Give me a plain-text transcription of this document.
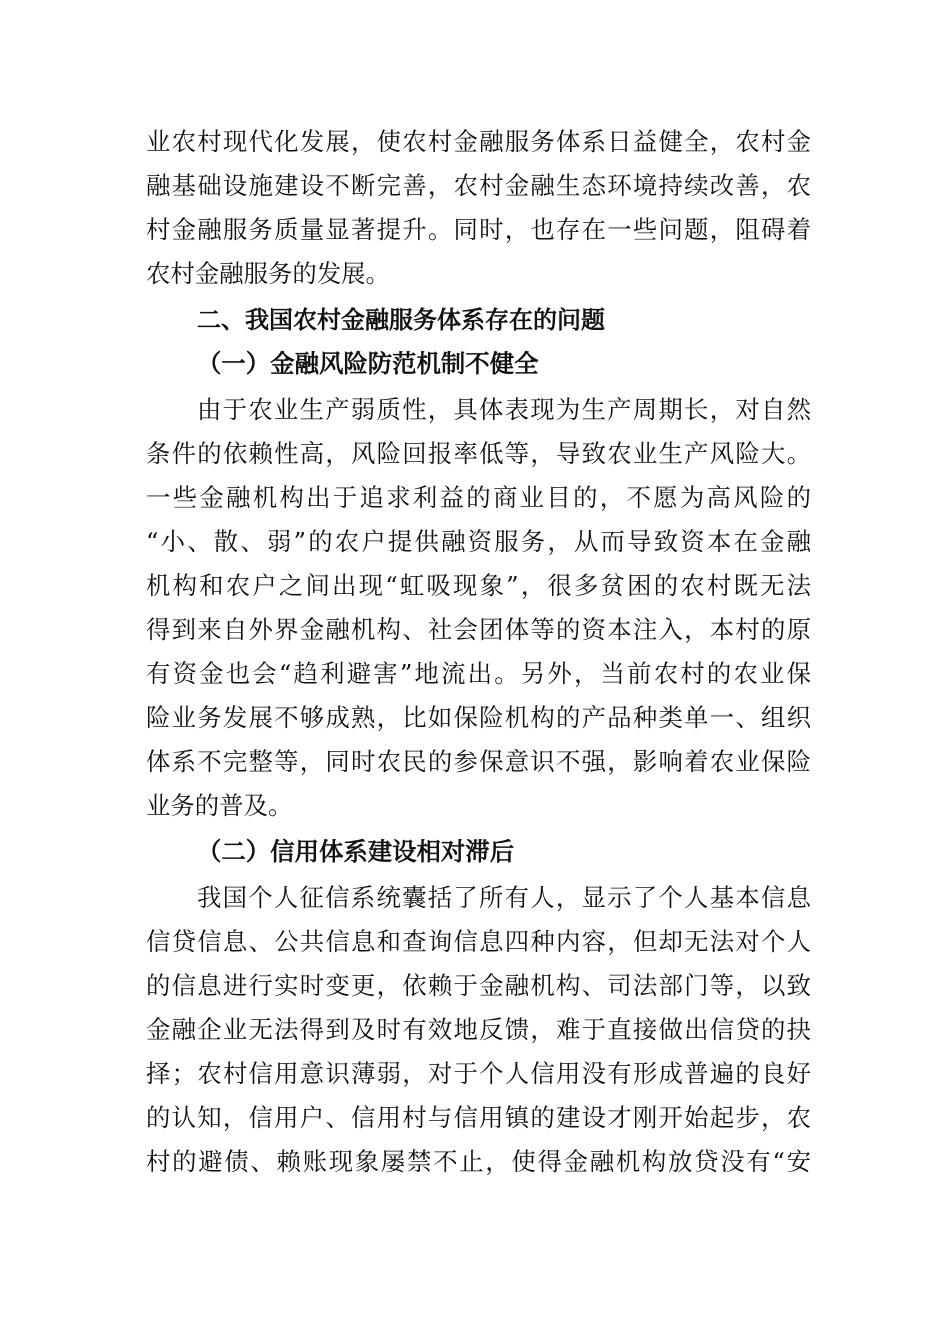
业农村现代化发展，使农村金融服务体系日益健全，农村金

融基础设施建设不断完善，农村金融生态环境持续改善，农

村金融服务质量显著提升。同时，也存在一些问题，阻碍着

农村金融服务的发展。

二、我国农村金融服务体系存在的问题
（一）金融风险防范机制不健全

由于农业生产弱质性，具体表现为生产周期长，对自然

条件的依赖性高，风险回报率低等，导致农业生产风险大。

一些金融机构出于追求利益的商业目的，不愿为高风险的

“小、散、弱”的农户提供融资服务，从而导致资本在金融

机构和农户之间出现“虹吸现象”，很多贫困的农村既无法

得到来自外界金融机构、社会团体等的资本注入，本村的原

有资金也会“趋利避害”地流出。另外，当前农村的农业保

险业务发展不够成熟，比如保险机构的产品种类单一、组织

体系不完整等，同时农民的参保意识不强，影响着农业保险

业务的普及。

（二）信用体系建设相对滞后

我国个人征信系统囊括了所有人，显示了个人基本信息

信贷信息、公共信息和查询信息四种内容，但却无法对个人

的信息进行实时变更，依赖于金融机构、司法部门等，以致

金融企业无法得到及时有效地反馈，难于直接做出信贷的抉

择；农村信用意识薄弱，对于个人信用没有形成普遍的良好

的认知，信用户、信用村与信用镇的建设才刚开始起步，农

村的避债、赖账现象屡禁不止，使得金融机构放贷没有“安
